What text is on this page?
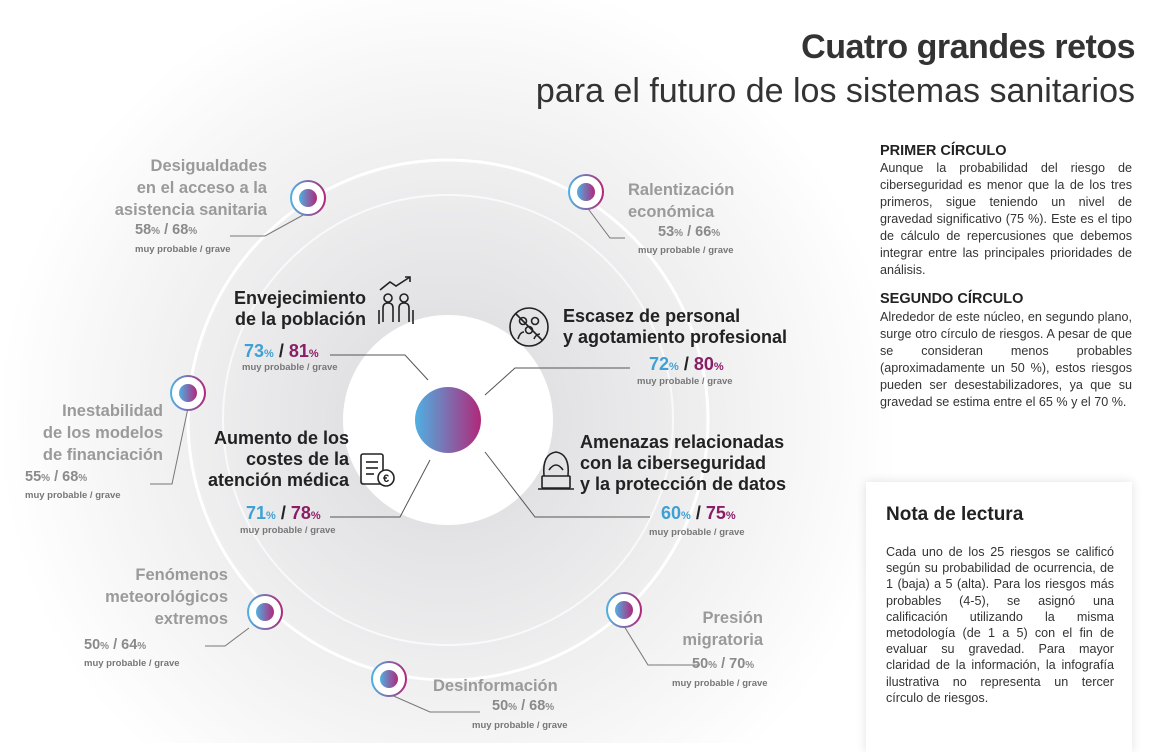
Cuatro grandes retos
para el futuro de los sistemas sanitarios
PRIMER CÍRCULO
Aunque la probabilidad del riesgo de ciberseguridad es menor que la de los tres primeros, sigue teniendo un nivel de gravedad significativo (75 %). Este es el tipo de cálculo de repercusiones que debemos integrar entre las principales prioridades de análisis.
SEGUNDO CÍRCULO
Alrededor de este núcleo, en segundo plano, surge otro círculo de riesgos. A pesar de que se consideran menos probables (aproximadamente un 50 %), estos riesgos pueden ser desestabilizadores, ya que su gravedad se estima entre el 65 % y el 70 %.
Nota de lectura
Cada uno de los 25 riesgos se calificó según su probabilidad de ocurrencia, de 1 (baja) a 5 (alta). Para los riesgos más probables (4-5), se asignó una calificación utilizando la misma metodología (de 1 a 5) con el fin de evaluar su gravedad. Para mayor claridad de la información, la infografía ilustrativa no representa un tercer círculo de riesgos.
Envejecimiento
de la población
73% / 81%
muy probable / grave
Escasez de personal
y agotamiento profesional
72% / 80%
muy probable / grave
Aumento de los
costes de la
atención médica	€
71% / 78%
muy probable / grave
Amenazas relacionadas
con la ciberseguridad
y la protección de datos
60% / 75%
muy probable / grave
Desigualdades
en el acceso a la
asistencia sanitaria
58% / 68%
muy probable / grave
Ralentización
económica
53% / 66%
muy probable / grave
Inestabilidad
de los modelos
de financiación
55% / 68%
muy probable / grave
Fenómenos
meteorológicos
extremos
50% / 64%
muy probable / grave
Presión
migratoria
50% / 70%
muy probable / grave
Desinformación
50% / 68%
muy probable / grave
